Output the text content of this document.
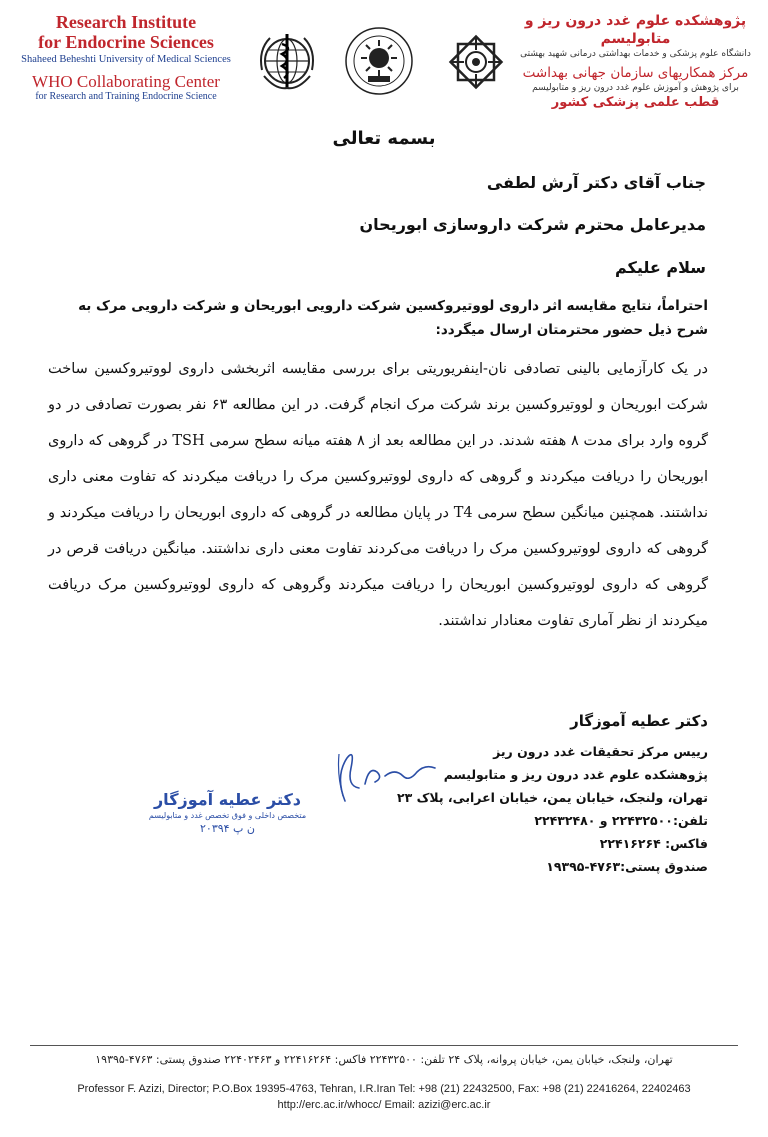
Research Institute
for Endocrine Sciences
Shaheed Beheshti University of Medical Sciences
WHO Collaborating Center
for Research and Training Endocrine Science
پژوهشکده علوم غدد درون ریز و متابولیسم
دانشگاه علوم پزشکی و خدمات بهداشتی درمانی شهید بهشتی
مرکز همکاریهای سازمان جهانی بهداشت
برای پژوهش و آموزش علوم غدد درون ریز و متابولیسم
قطب علمی پزشکی کشور
بسمه تعالی
جناب آقای دکتر آرش لطفی
مدیرعامل محترم شرکت داروسازی ابوریحان
سلام علیکم
احتراماً، نتایج مقایسه اثر داروی لووتیروکسین شرکت دارویی ابوریحان و شرکت دارویی مرک به شرح ذیل حضور محترمتان ارسال میگردد:
در یک کارآزمایی بالینی تصادفی نان-اینفریوریتی برای بررسی مقایسه اثربخشی داروی لووتیروکسین ساخت شرکت ابوریحان و لووتیروکسین برند شرکت مرک انجام گرفت. در این مطالعه ۶۳ نفر بصورت تصادفی در دو گروه وارد برای مدت ۸ هفته شدند. در این مطالعه بعد از ۸ هفته میانه سطح سرمی TSH در گروهی که داروی ابوریحان را دریافت میکردند و گروهی که داروی لووتیروکسین مرک را دریافت میکردند که تفاوت معنی داری نداشتند. همچنین میانگین سطح سرمی T4 در پایان مطالعه در گروهی که داروی ابوریحان را دریافت میکردند و گروهی که داروی لووتیروکسین مرک را دریافت می‌کردند تفاوت معنی داری نداشتند. میانگین دریافت قرص در گروهی که داروی لووتیروکسین ابوریحان را دریافت میکردند وگروهی که داروی لووتیروکسین مرک دریافت میکردند از نظر آماری تفاوت معنادار نداشتند.
دکتر عطیه آموزگار
رییس مرکز تحقیقات غدد درون ریز
پژوهشکده علوم غدد درون ریز و متابولیسم
تهران، ولنجک، خیابان یمن، خیابان اعرابی، پلاک ۲۳
تلفن:۲۲۴۳۲۵۰۰ و ۲۲۴۳۲۴۸۰
فاکس: ۲۲۴۱۶۲۶۴
صندوق پستی:۴۷۶۳-۱۹۳۹۵
دکتر عطیه آموزگار
متخصص داخلی و فوق تخصص غدد و متابولیسم
ن پ ۲۰۳۹۴
تهران، ولنجک، خیابان یمن، خیابان پروانه، پلاک ۲۴ تلفن: ۲۲۴۳۲۵۰۰ فاکس: ۲۲۴۱۶۲۶۴ و ۲۲۴۰۲۴۶۳ صندوق پستی: ۴۷۶۳-۱۹۳۹۵
Professor F. Azizi, Director; P.O.Box 19395-4763, Tehran, I.R.Iran Tel: +98 (21) 22432500, Fax: +98 (21) 22416264, 22402463
http://erc.ac.ir/whocc/ Email: azizi@erc.ac.ir
